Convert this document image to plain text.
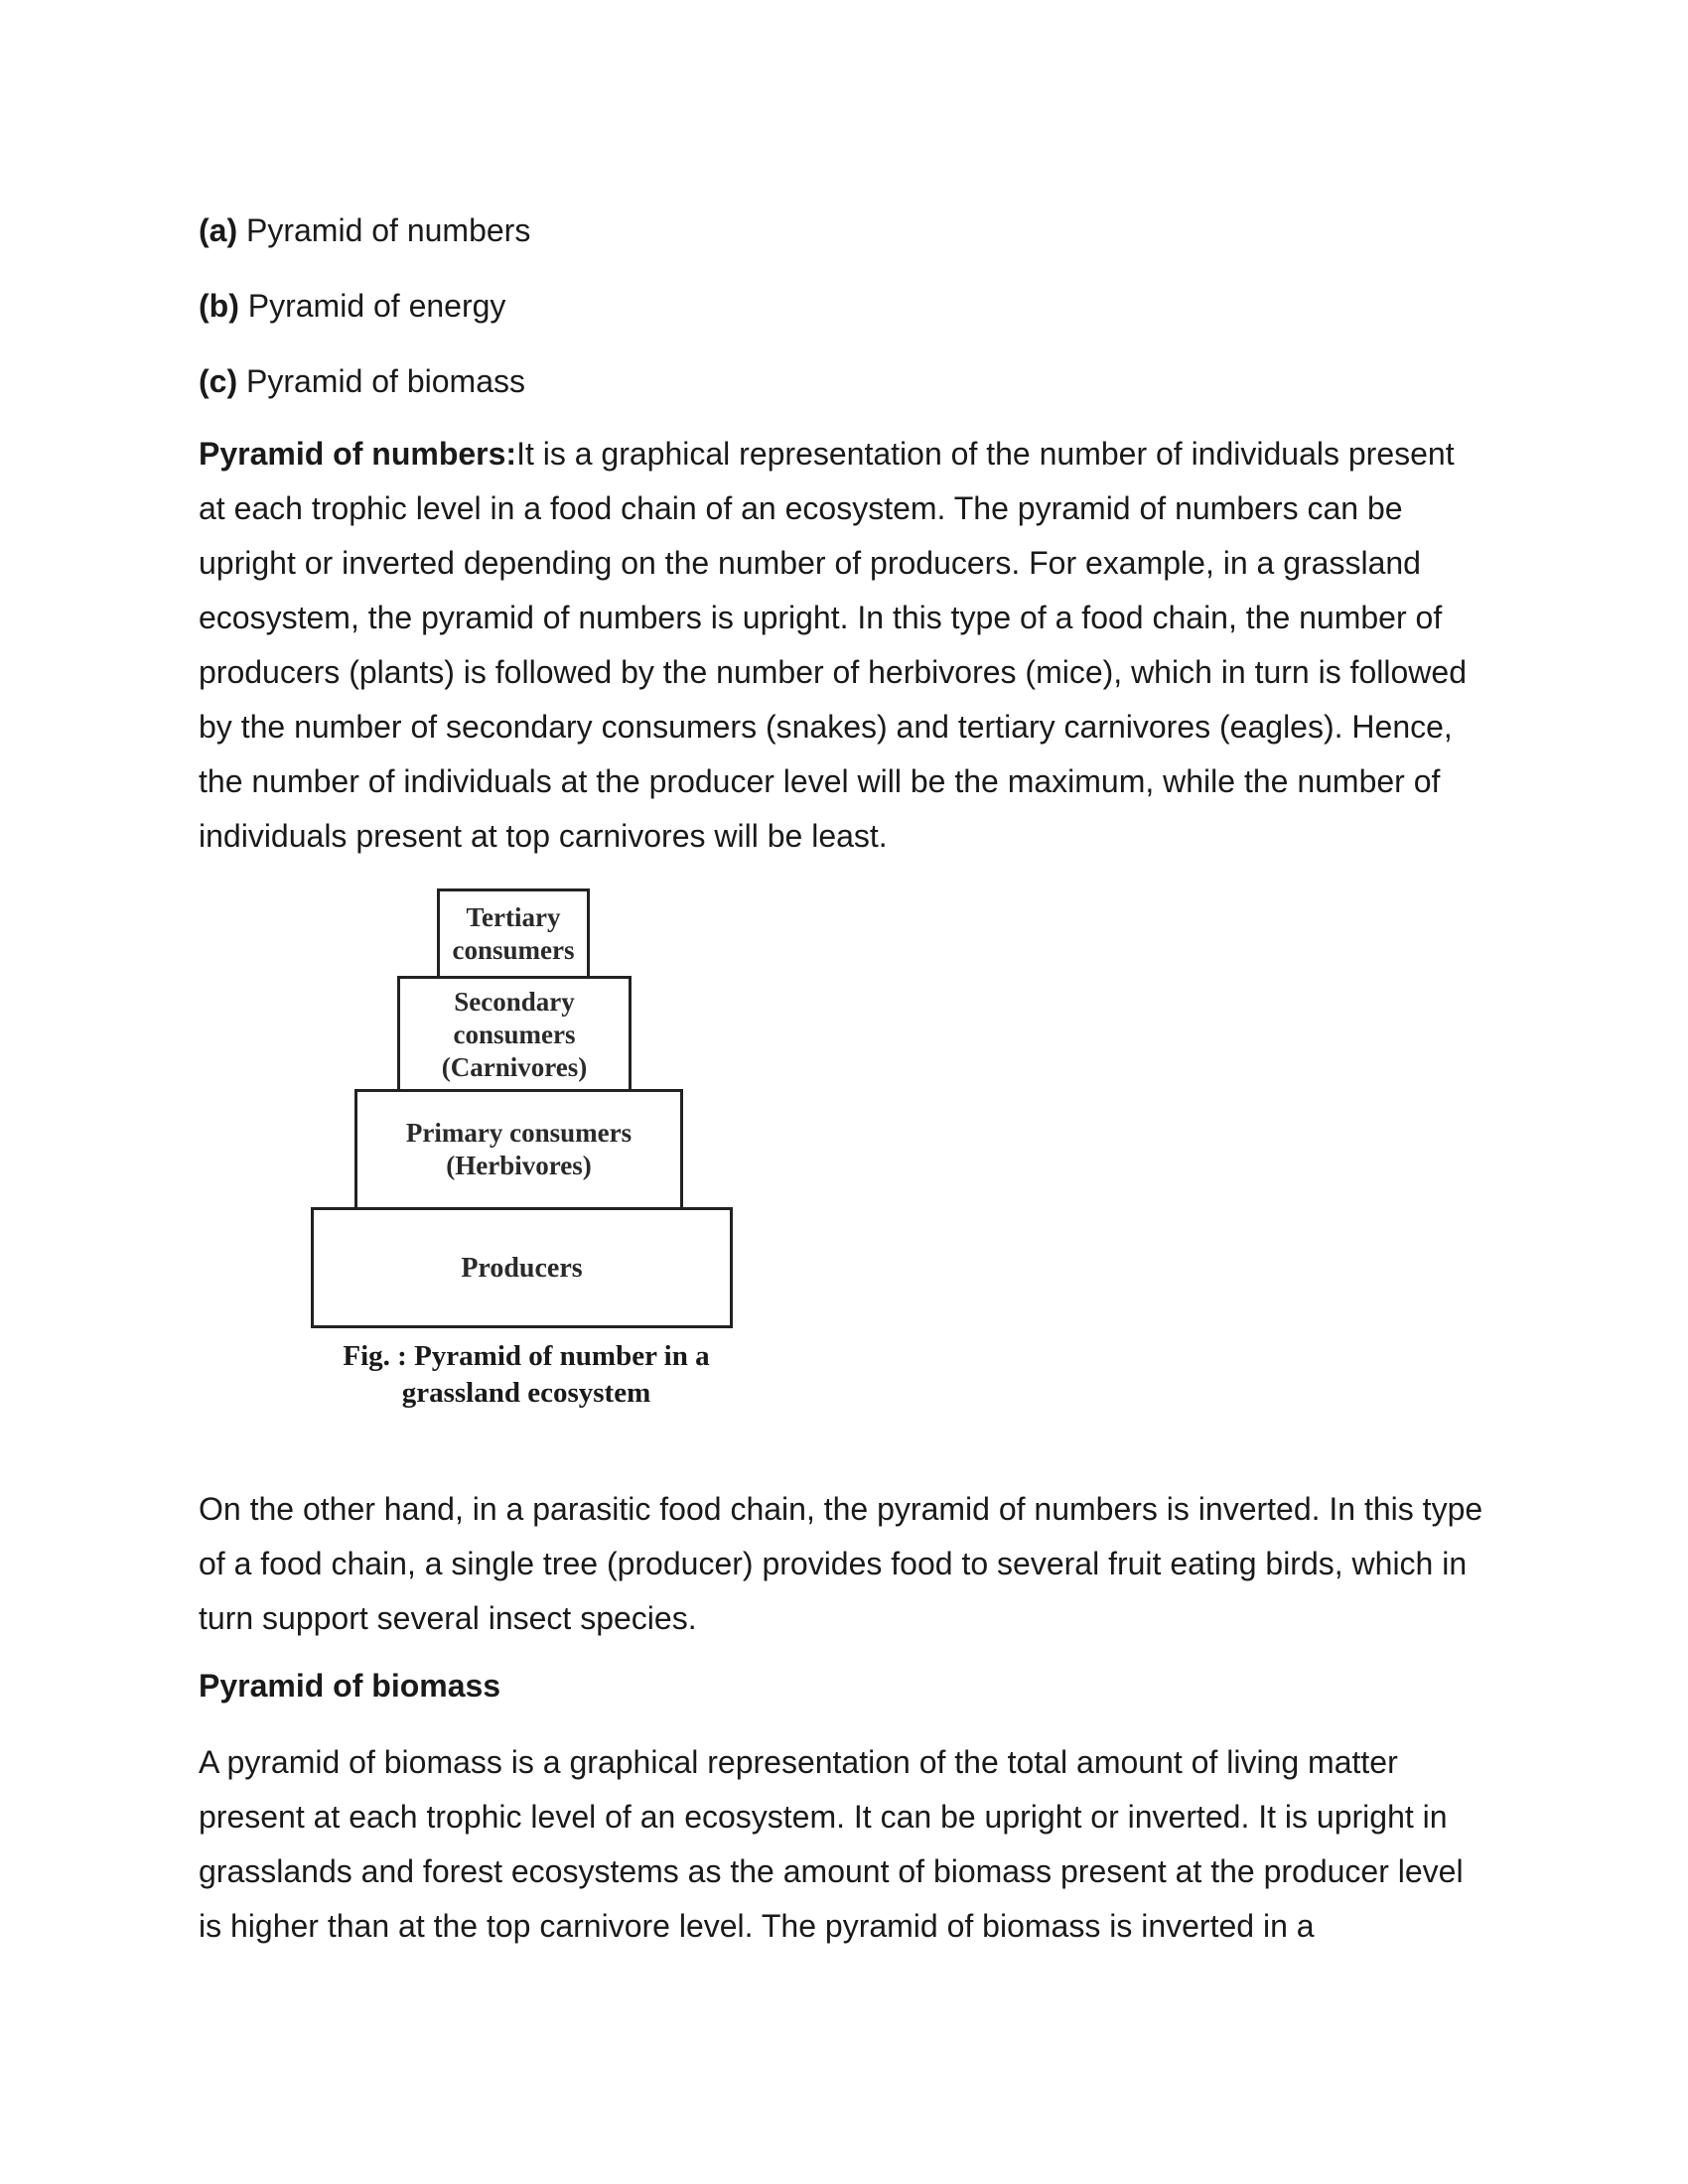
(a) Pyramid of numbers
(b) Pyramid of energy
(c) Pyramid of biomass

Pyramid of numbers:It is a graphical representation of the number of individuals present at each trophic level in a food chain of an ecosystem. The pyramid of numbers can be upright or inverted depending on the number of producers. For example, in a grassland ecosystem, the pyramid of numbers is upright. In this type of a food chain, the number of producers (plants) is followed by the number of herbivores (mice), which in turn is followed by the number of secondary consumers (snakes) and tertiary carnivores (eagles). Hence, the number of individuals at the producer level will be the maximum, while the number of individuals present at top carnivores will be least.

Tertiary
consumers
Secondary
consumers
(Carnivores)
Primary consumers
(Herbivores)
Producers
Fig. : Pyramid of number in a
grassland ecosystem

On the other hand, in a parasitic food chain, the pyramid of numbers is inverted. In this type of a food chain, a single tree (producer) provides food to several fruit eating birds, which in turn support several insect species.

Pyramid of biomass

A pyramid of biomass is a graphical representation of the total amount of living matter present at each trophic level of an ecosystem. It can be upright or inverted. It is upright in grasslands and forest ecosystems as the amount of biomass present at the producer level is higher than at the top carnivore level. The pyramid of biomass is inverted in a
